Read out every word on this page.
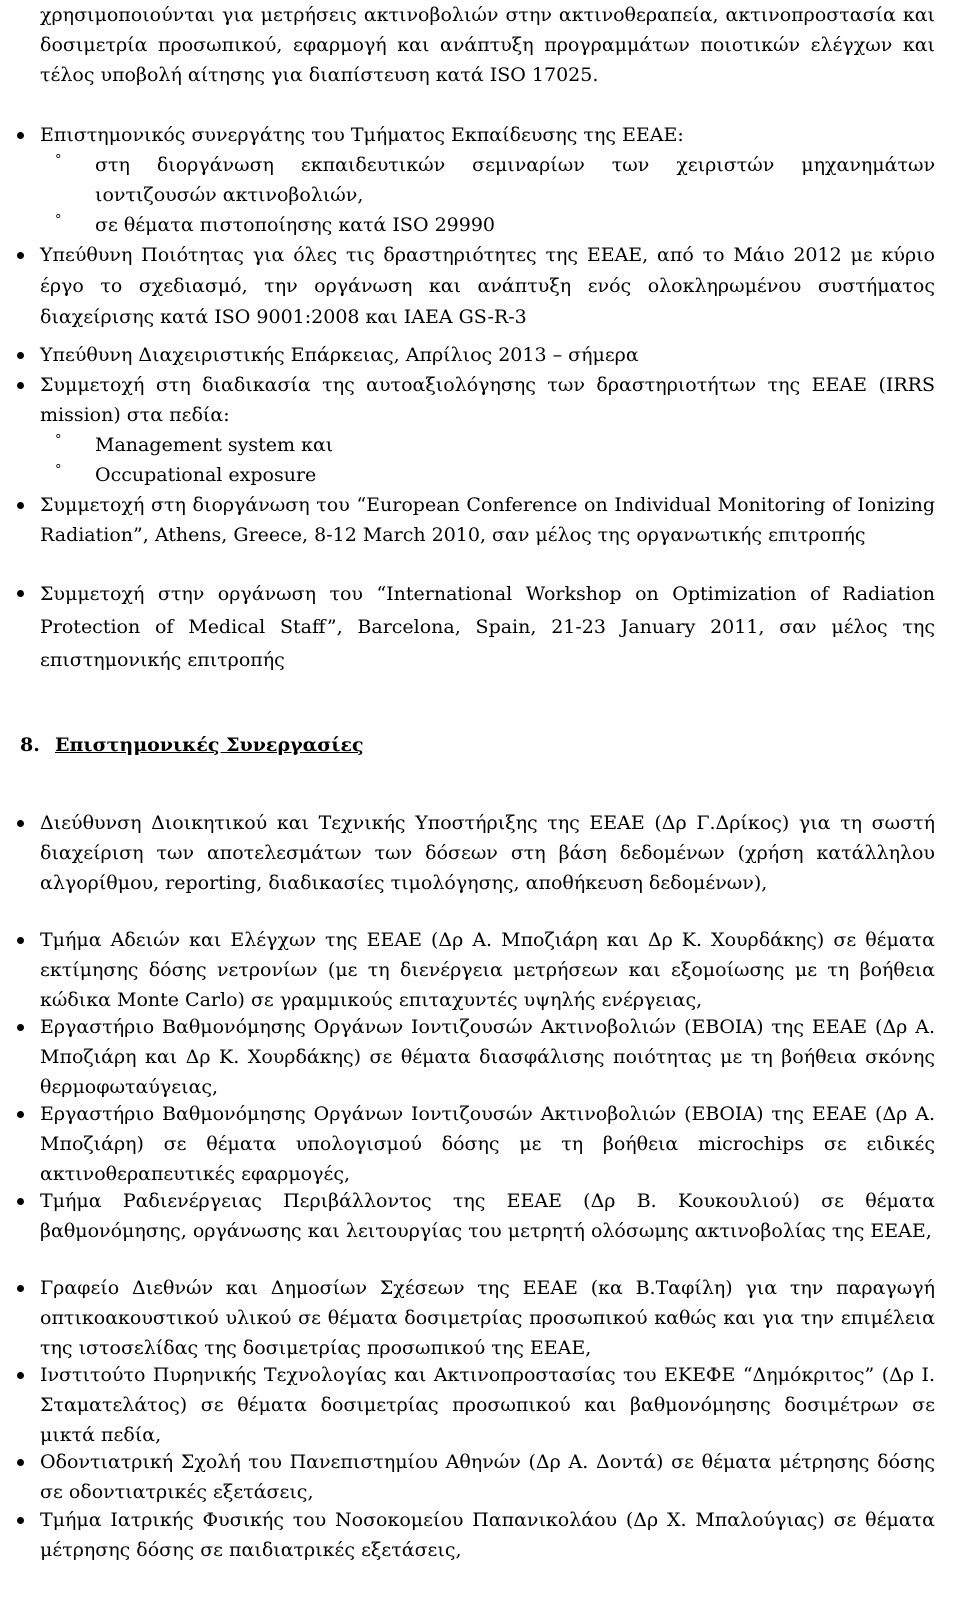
χρησιμοποιούνται για μετρήσεις ακτινοβολιών στην ακτινοθεραπεία, ακτινοπροστασία και δοσιμετρία προσωπικού, εφαρμογή και ανάπτυξη προγραμμάτων ποιοτικών ελέγχων και τέλος υποβολή αίτησης για διαπίστευση κατά ISO 17025.
Επιστημονικός συνεργάτης του Τμήματος Εκπαίδευσης της ΕΕΑΕ:
°	στη διοργάνωση εκπαιδευτικών σεμιναρίων των χειριστών μηχανημάτων ιοντιζουσών ακτινοβολιών,
°	σε θέματα πιστοποίησης κατά ISO 29990
Υπεύθυνη Ποιότητας για όλες τις δραστηριότητες της ΕΕΑΕ, από το Μάιο 2012 με κύριο έργο το σχεδιασμό, την οργάνωση και ανάπτυξη ενός ολοκληρωμένου συστήματος διαχείρισης κατά ISO 9001:2008 και IAEA GS-R-3
Υπεύθυνη Διαχειριστικής Επάρκειας, Απρίλιος 2013 – σήμερα
Συμμετοχή στη διαδικασία της αυτοαξιολόγησης των δραστηριοτήτων της ΕΕΑΕ (IRRS mission) στα πεδία:
°	Management system και
°	Occupational exposure
Συμμετοχή στη διοργάνωση του “European Conference on Individual Monitoring of Ionizing Radiation”, Athens, Greece, 8-12 March 2010, σαν μέλος της οργανωτικής επιτροπής
Συμμετοχή στην οργάνωση του “International Workshop on Optimization of Radiation Protection of Medical Staff”, Barcelona, Spain, 21-23 January 2011, σαν μέλος της επιστημονικής επιτροπής
8. Επιστημονικές Συνεργασίες
Διεύθυνση Διοικητικού και Τεχνικής Υποστήριξης της ΕΕΑΕ (Δρ Γ.Δρίκος) για τη σωστή διαχείριση των αποτελεσμάτων των δόσεων στη βάση δεδομένων (χρήση κατάλληλου αλγορίθμου, reporting, διαδικασίες τιμολόγησης, αποθήκευση δεδομένων),
Τμήμα Αδειών και Ελέγχων της ΕΕΑΕ (Δρ Α. Μποζιάρη και Δρ Κ. Χουρδάκης) σε θέματα εκτίμησης δόσης νετρονίων (με τη διενέργεια μετρήσεων και εξομοίωσης με τη βοήθεια κώδικα Monte Carlo) σε γραμμικούς επιταχυντές υψηλής ενέργειας,
Εργαστήριο Βαθμονόμησης Οργάνων Ιοντιζουσών Ακτινοβολιών (ΕΒΟΙΑ) της ΕΕΑΕ (Δρ Α. Μποζιάρη και Δρ Κ. Χουρδάκης) σε θέματα διασφάλισης ποιότητας με τη βοήθεια σκόνης θερμοφωταύγειας,
Εργαστήριο Βαθμονόμησης Οργάνων Ιοντιζουσών Ακτινοβολιών (ΕΒΟΙΑ) της ΕΕΑΕ (Δρ Α. Μποζιάρη) σε θέματα υπολογισμού δόσης με τη βοήθεια microchips σε ειδικές ακτινοθεραπευτικές εφαρμογές,
Τμήμα Ραδιενέργειας Περιβάλλοντος της ΕΕΑΕ (Δρ Β. Κουκουλιού) σε θέματα βαθμονόμησης, οργάνωσης και λειτουργίας του μετρητή ολόσωμης ακτινοβολίας της ΕΕΑΕ,
Γραφείο Διεθνών και Δημοσίων Σχέσεων της ΕΕΑΕ (κα Β.Ταφίλη) για την παραγωγή οπτικοακουστικού υλικού σε θέματα δοσιμετρίας προσωπικού καθώς και για την επιμέλεια της ιστοσελίδας της δοσιμετρίας προσωπικού της ΕΕΑΕ,
Ινστιτούτο Πυρηνικής Τεχνολογίας και Ακτινοπροστασίας του ΕΚΕΦΕ “Δημόκριτος” (Δρ Ι. Σταματελάτος) σε θέματα δοσιμετρίας προσωπικού και βαθμονόμησης δοσιμέτρων σε μικτά πεδία,
Οδοντιατρική Σχολή του Πανεπιστημίου Αθηνών (Δρ Α. Δοντά) σε θέματα μέτρησης δόσης σε οδοντιατρικές εξετάσεις,
Τμήμα Ιατρικής Φυσικής του Νοσοκομείου Παπανικολάου (Δρ Χ. Μπαλούγιας) σε θέματα μέτρησης δόσης σε παιδιατρικές εξετάσεις,
